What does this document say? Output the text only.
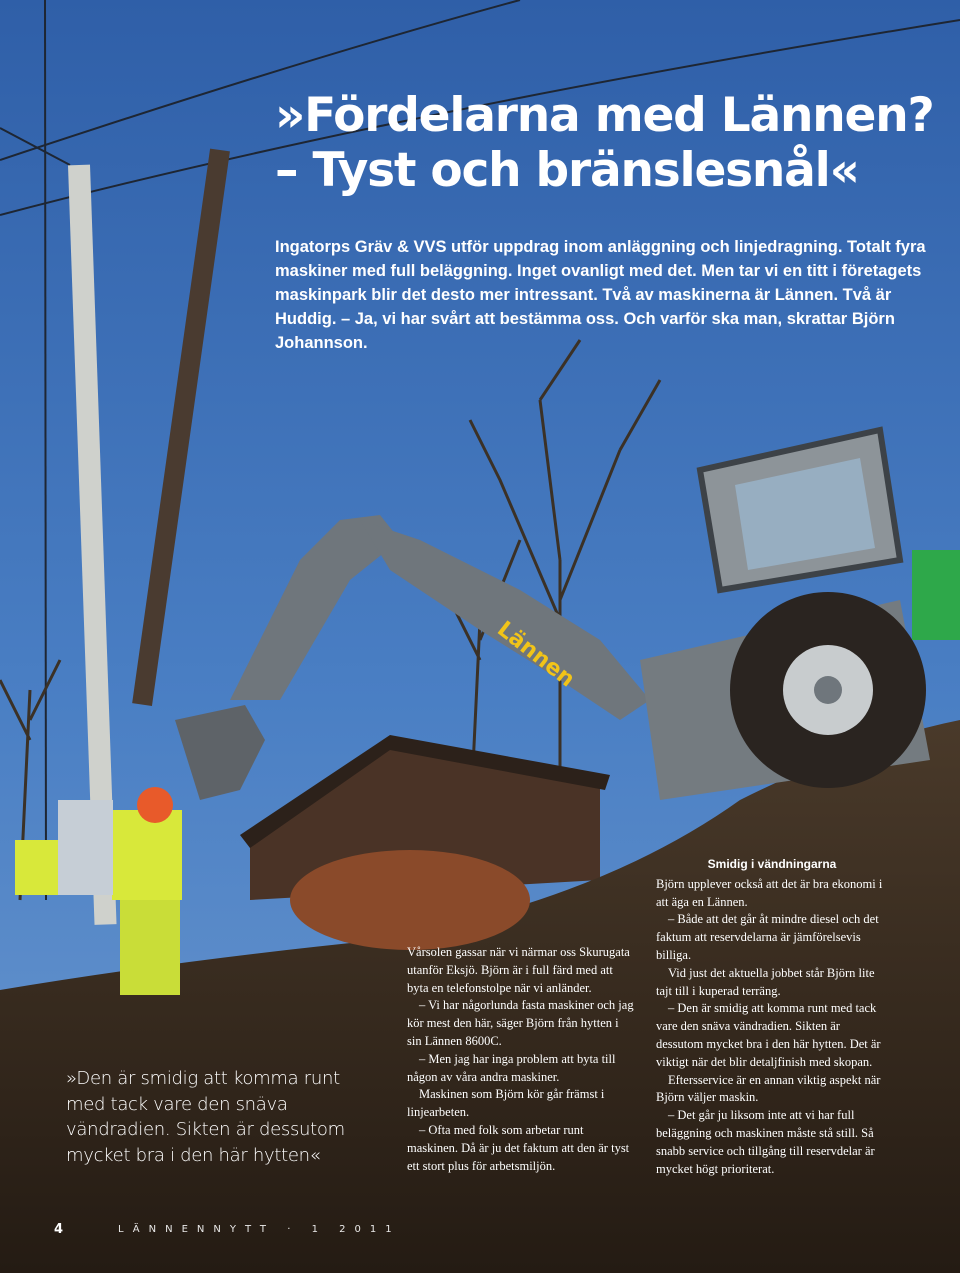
Lännen
»Fördelarna med Lännen?
– Tyst och bränslesnål«

Ingatorps Gräv & VVS utför uppdrag inom anläggning och linjedragning. Totalt fyra maskiner med full beläggning. Inget ovanligt med det. Men tar vi en titt i företagets maskinpark blir det desto mer intressant. Två av maskinerna är Lännen. Två är Huddig. – Ja, vi har svårt att bestämma oss. Och varför ska man, skrattar Björn Johannson.

»Den är smidig att komma runt med tack vare den snäva vändradien. Sikten är dessutom mycket bra i den här hytten«

Vårsolen gassar när vi närmar oss Skurugata utanför Eksjö. Björn är i full färd med att byta en telefonstolpe när vi anländer.

– Vi har någorlunda fasta maskiner och jag kör mest den här, säger Björn från hytten i sin Lännen 8600C.

– Men jag har inga problem att byta till någon av våra andra maskiner.

Maskinen som Björn kör går främst i linjearbeten.

– Ofta med folk som arbetar runt maskinen. Då är ju det faktum att den är tyst ett stort plus för arbetsmiljön.

Smidig i vändningarna

Björn upplever också att det är bra ekonomi i att äga en Lännen.

– Både att det går åt mindre diesel och det faktum att reservdelarna är jämförelsevis billiga.

Vid just det aktuella jobbet står Björn lite tajt till i kuperad terräng.

– Den är smidig att komma runt med tack vare den snäva vändradien. Sikten är dessutom mycket bra i den här hytten. Det är viktigt när det blir detaljfinish med skopan.

Eftersservice är en annan viktig aspekt när Björn väljer maskin.

– Det går ju liksom inte att vi har full beläggning och maskinen måste stå still. Så snabb service och tillgång till reservdelar är mycket högt prioriterat.

4	LÄNNENNYTT · 1 2011
